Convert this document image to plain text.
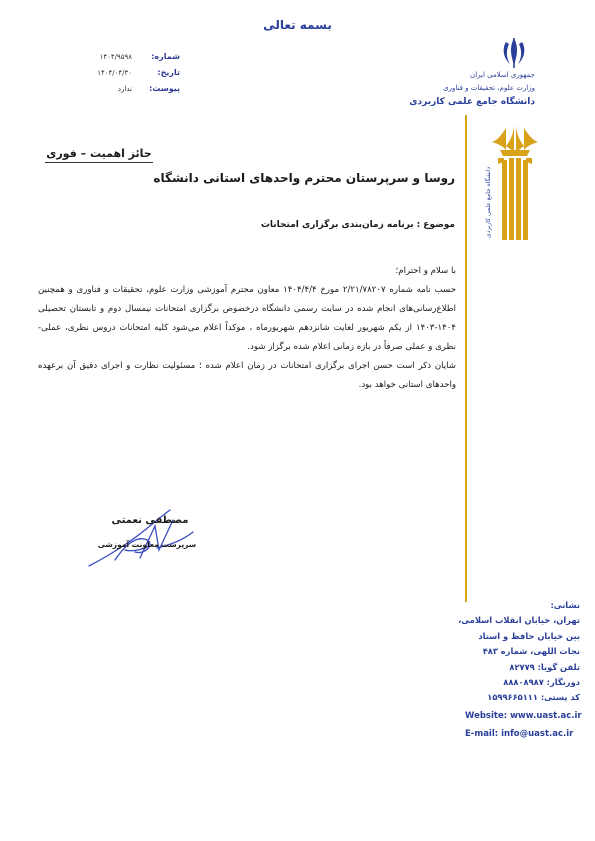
بسمه تعالی
شماره:
۱۴۰۴/۹۵۹۸
تاریخ:
۱۴۰۴/۰۴/۳۰
پیوست:
ندارد
جمهوری اسلامی ایران
وزارت علوم، تحقیقات و فناوری
دانشگاه جامع علمی کاربردی
دانشگاه جامع علمی کاربردی
حائز اهمیت – فوری
روسا و سرپرستان محترم واحدهای استانی دانشگاه
موضوع : برنامه زمان‌بندی برگزاری امتحانات

با سلام و احترام؛

حسب نامه شماره ۲/۲۱/۷۸۲۰۷ مورخ ۱۴۰۴/۴/۴ معاون محترم آموزشی وزارت علوم، تحقیقات و فناوری و همچنین اطلاع‌رسانی‌های انجام شده در سایت رسمی دانشگاه درخصوص برگزاری امتحانات نیمسال دوم و تابستان تحصیلی ۱۴۰۴-۱۴۰۳ از یکم شهریور لغایت شانزدهم شهریورماه ، موکداً اعلام می‌شود کلیه امتحانات دروس نظری، عملی-نظری و عملی صرفاً در بازه زمانی اعلام شده برگزار شود.

شایان ذکر است حسن اجرای برگزاری امتحانات در زمان اعلام شده ؛ مسئولیت نظارت و اجرای دقیق آن برعهده واحدهای استانی خواهد بود.

مصطفی نعمتی
سرپرست معاونت آموزشی
نشانی:
تهران، خیابان انقلاب اسلامی،
بین خیابان حافظ و استاد
نجات اللهی، شماره ۴۸۳
تلفن گویا: ۸۲۷۷۹
دورنگار: ۸۸۸۰۸۹۸۷
کد پستی: ۱۵۹۹۶۶۵۱۱۱
Website: www.uast.ac.ir
E-mail: info@uast.ac.ir
